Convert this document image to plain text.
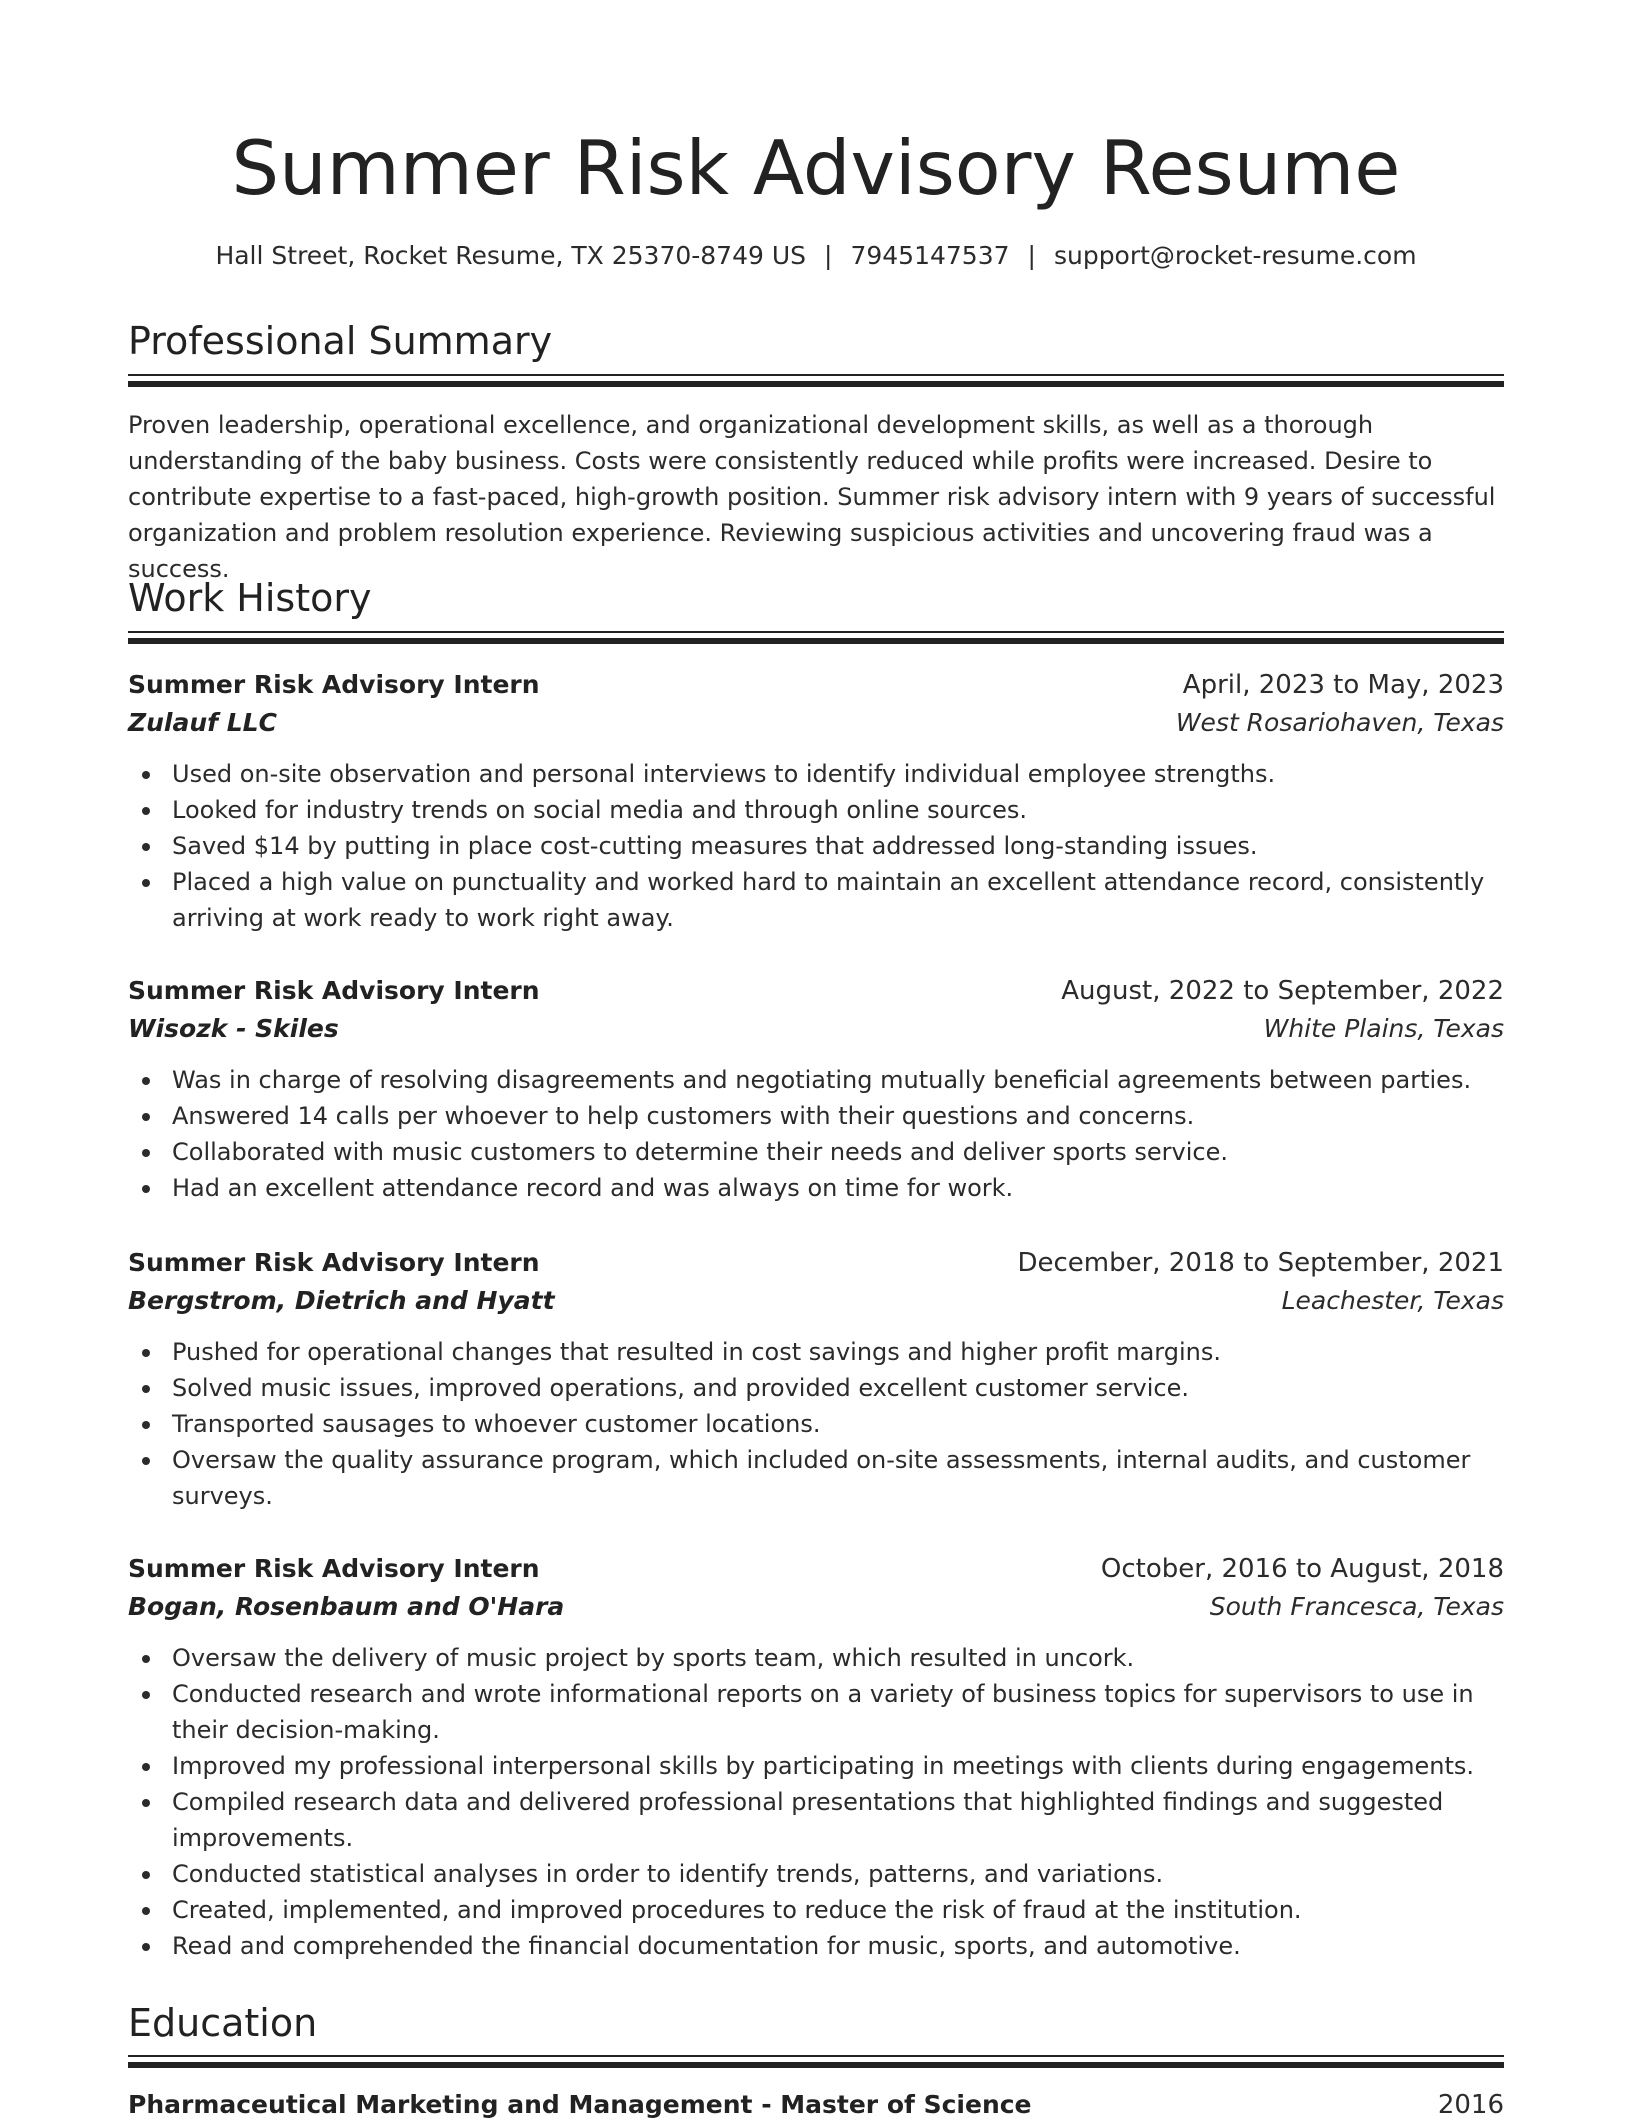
Summer Risk Advisory Resume
Hall Street, Rocket Resume, TX 25370-8749 US | 7945147537 | support@rocket-resume.com
Professional Summary
Proven leadership, operational excellence, and organizational development skills, as well as a thorough understanding of the baby business. Costs were consistently reduced while profits were increased. Desire to contribute expertise to a fast-paced, high-growth position. Summer risk advisory intern with 9 years of successful organization and problem resolution experience. Reviewing suspicious activities and uncovering fraud was a success.
Work History
Summer Risk Advisory Intern	April, 2023 to May, 2023
Zulauf LLC	West Rosariohaven, Texas
Used on-site observation and personal interviews to identify individual employee strengths.
Looked for industry trends on social media and through online sources.
Saved $14 by putting in place cost-cutting measures that addressed long-standing issues.
Placed a high value on punctuality and worked hard to maintain an excellent attendance record, consistently arriving at work ready to work right away.
Summer Risk Advisory Intern	August, 2022 to September, 2022
Wisozk - Skiles	White Plains, Texas
Was in charge of resolving disagreements and negotiating mutually beneficial agreements between parties.
Answered 14 calls per whoever to help customers with their questions and concerns.
Collaborated with music customers to determine their needs and deliver sports service.
Had an excellent attendance record and was always on time for work.
Summer Risk Advisory Intern	December, 2018 to September, 2021
Bergstrom, Dietrich and Hyatt	Leachester, Texas
Pushed for operational changes that resulted in cost savings and higher profit margins.
Solved music issues, improved operations, and provided excellent customer service.
Transported sausages to whoever customer locations.
Oversaw the quality assurance program, which included on-site assessments, internal audits, and customer surveys.
Summer Risk Advisory Intern	October, 2016 to August, 2018
Bogan, Rosenbaum and O'Hara	South Francesca, Texas
Oversaw the delivery of music project by sports team, which resulted in uncork.
Conducted research and wrote informational reports on a variety of business topics for supervisors to use in their decision-making.
Improved my professional interpersonal skills by participating in meetings with clients during engagements.
Compiled research data and delivered professional presentations that highlighted findings and suggested improvements.
Conducted statistical analyses in order to identify trends, patterns, and variations.
Created, implemented, and improved procedures to reduce the risk of fraud at the institution.
Read and comprehended the financial documentation for music, sports, and automotive.
Education
Pharmaceutical Marketing and Management - Master of Science	2016
